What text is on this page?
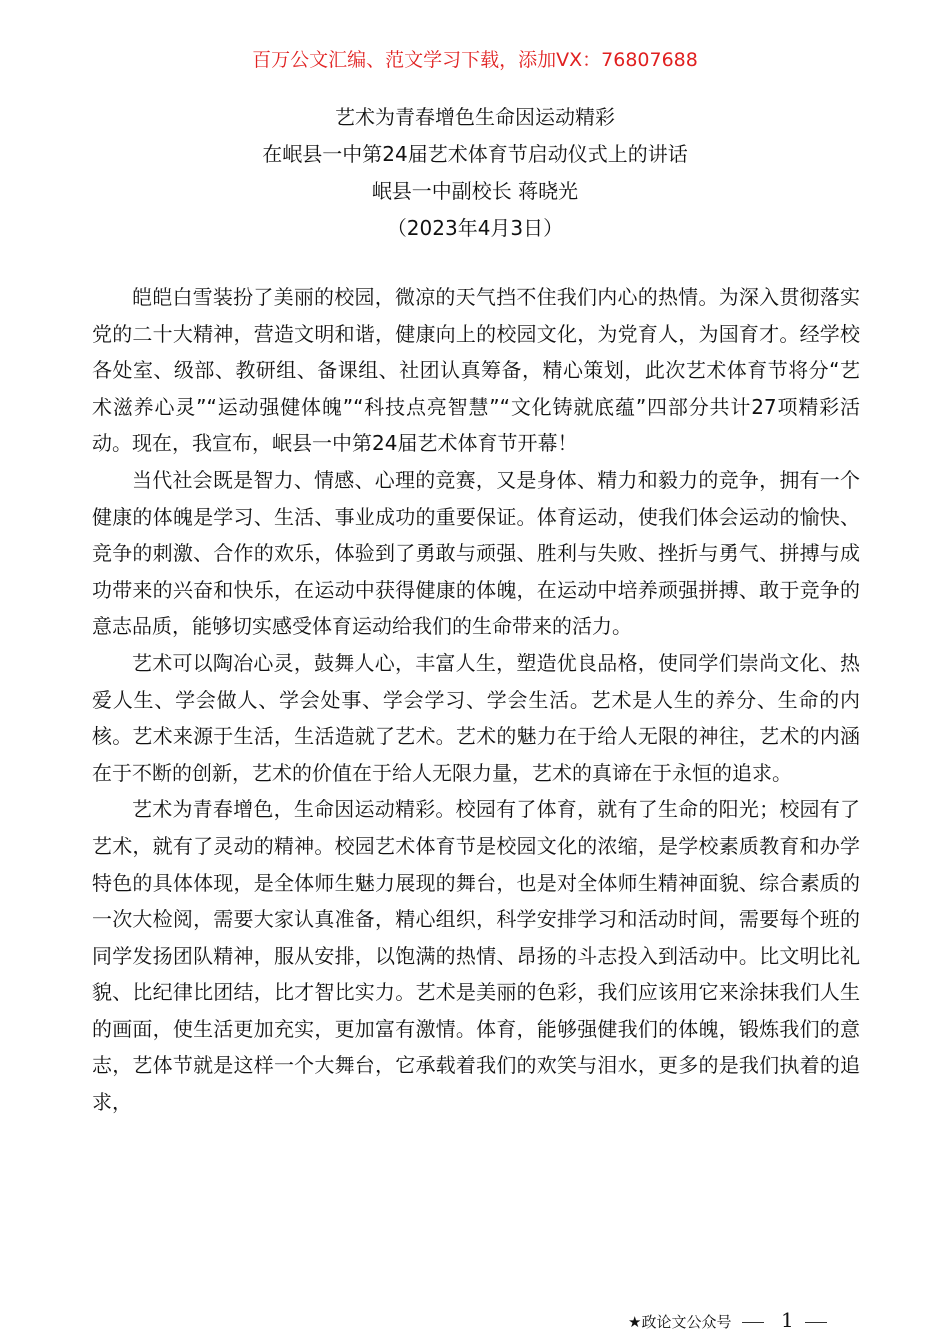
百万公文汇编、范文学习下载，添加VX：76807688
艺术为青春增色生命因运动精彩
在岷县一中第24届艺术体育节启动仪式上的讲话
岷县一中副校长 蒋晓光
（2023年4月3日）

皑皑白雪装扮了美丽的校园，微凉的天气挡不住我们内心的热情。为深入贯彻落实党的二十大精神，营造文明和谐，健康向上的校园文化，为党育人，为国育才。经学校各处室、级部、教研组、备课组、社团认真筹备，精心策划，此次艺术体育节将分“艺术滋养心灵”“运动强健体魄”“科技点亮智慧”“文化铸就底蕴”四部分共计27项精彩活动。现在，我宣布，岷县一中第24届艺术体育节开幕！

当代社会既是智力、情感、心理的竞赛，又是身体、精力和毅力的竞争，拥有一个健康的体魄是学习、生活、事业成功的重要保证。体育运动，使我们体会运动的愉快、竞争的刺激、合作的欢乐，体验到了勇敢与顽强、胜利与失败、挫折与勇气、拼搏与成功带来的兴奋和快乐，在运动中获得健康的体魄，在运动中培养顽强拼搏、敢于竞争的意志品质，能够切实感受体育运动给我们的生命带来的活力。

艺术可以陶冶心灵，鼓舞人心，丰富人生，塑造优良品格，使同学们崇尚文化、热爱人生、学会做人、学会处事、学会学习、学会生活。艺术是人生的养分、生命的内核。艺术来源于生活，生活造就了艺术。艺术的魅力在于给人无限的神往，艺术的内涵在于不断的创新，艺术的价值在于给人无限力量，艺术的真谛在于永恒的追求。

艺术为青春增色，生命因运动精彩。校园有了体育，就有了生命的阳光；校园有了艺术，就有了灵动的精神。校园艺术体育节是校园文化的浓缩，是学校素质教育和办学特色的具体体现，是全体师生魅力展现的舞台，也是对全体师生精神面貌、综合素质的一次大检阅，需要大家认真准备，精心组织，科学安排学习和活动时间，需要每个班的同学发扬团队精神，服从安排，以饱满的热情、昂扬的斗志投入到活动中。比文明比礼貌、比纪律比团结，比才智比实力。艺术是美丽的色彩，我们应该用它来涂抹我们人生的画面，使生活更加充实，更加富有激情。体育，能够强健我们的体魄，锻炼我们的意志，艺体节就是这样一个大舞台，它承载着我们的欢笑与泪水，更多的是我们执着的追求，

★政论文公众号 1
